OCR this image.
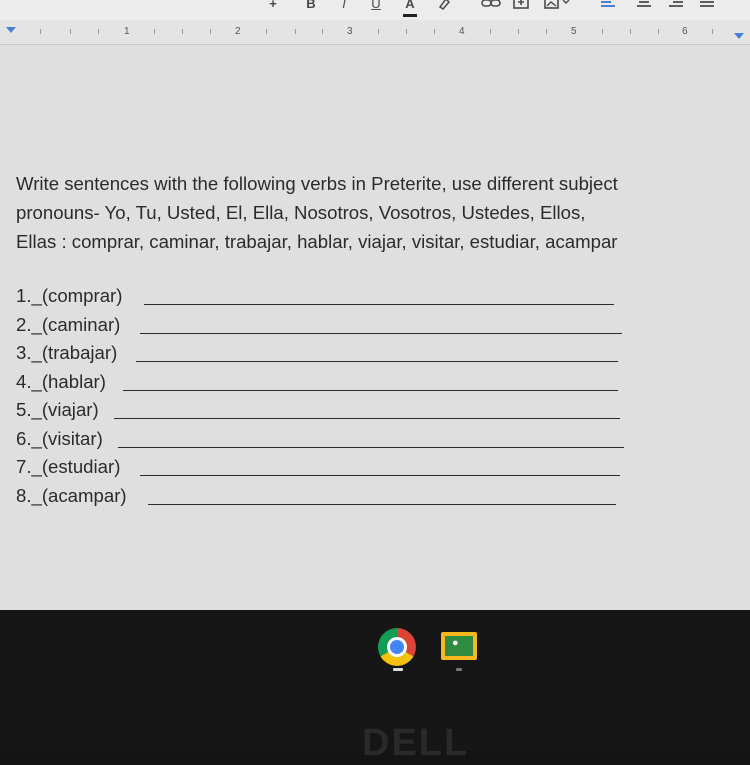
+ B	I	U A
1	2	3	4	5	6
Write sentences with the following verbs in Preterite, use different subject
pronouns- Yo, Tu, Usted, El, Ella, Nosotros, Vosotros, Ustedes, Ellos,
Ellas : comprar, caminar, trabajar, hablar, viajar, visitar, estudiar, acampar
1._(comprar)
2._(caminar)
3._(trabajar)
4._(hablar)
5._(viajar)
6._(visitar)
7._(estudiar)
8._(acampar)
●
DELL
